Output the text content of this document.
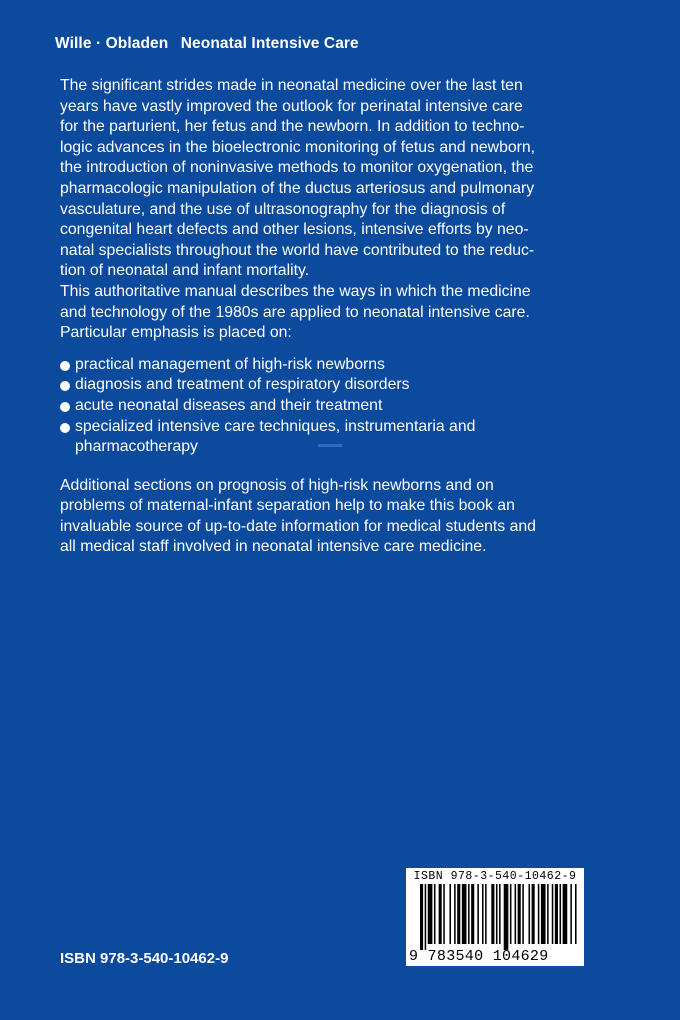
Wille · Obladen Neonatal Intensive Care

The significant strides made in neonatal medicine over the last ten
years have vastly improved the outlook for perinatal intensive care
for the parturient, her fetus and the newborn. In addition to techno-
logic advances in the bioelectronic monitoring of fetus and newborn,
the introduction of noninvasive methods to monitor oxygenation, the
pharmacologic manipulation of the ductus arteriosus and pulmonary
vasculature, and the use of ultrasonography for the diagnosis of
congenital heart defects and other lesions, intensive efforts by neo-
natal specialists throughout the world have contributed to the reduc-
tion of neonatal and infant mortality.

This authoritative manual describes the ways in which the medicine
and technology of the 1980s are applied to neonatal intensive care.
Particular emphasis is placed on:

practical management of high-risk newborns
diagnosis and treatment of respiratory disorders
acute neonatal diseases and their treatment
specialized intensive care techniques, instrumentaria and
pharmacotherapy

Additional sections on prognosis of high-risk newborns and on
problems of maternal-infant separation help to make this book an
invaluable source of up-to-date information for medical students and
all medical staff involved in neonatal intensive care medicine.

ISBN 978-3-540-10462-9
ISBN 978-3-540-10462-9
9 783540 104629
